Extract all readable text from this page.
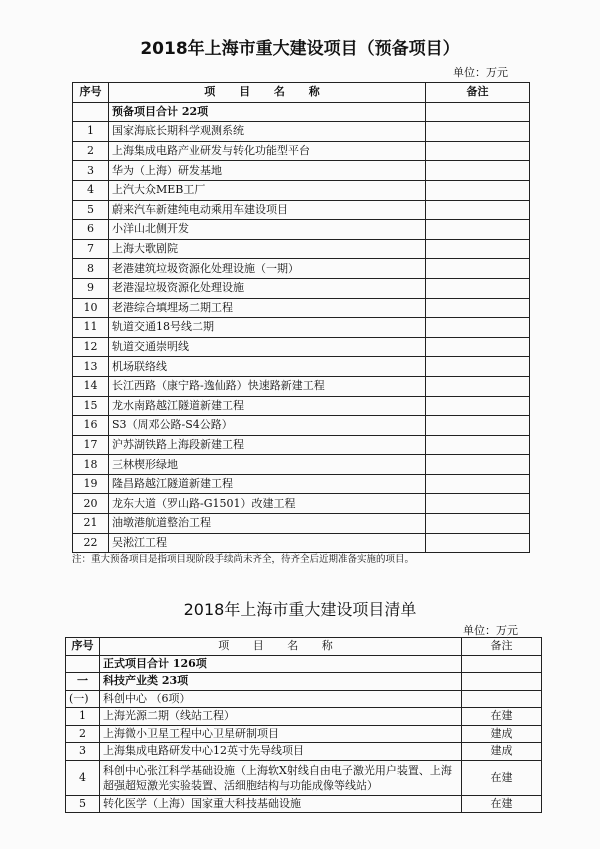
2018年上海市重大建设项目（预备项目）
单位：万元
序号	项 目 名 称	备注
	预备项目合计 22项	
1	国家海底长期科学观测系统	
2	上海集成电路产业研发与转化功能型平台	
3	华为（上海）研发基地	
4	上汽大众MEB工厂	
5	蔚来汽车新建纯电动乘用车建设项目	
6	小洋山北侧开发	
7	上海大歌剧院	
8	老港建筑垃圾资源化处理设施（一期）	
9	老港湿垃圾资源化处理设施	
10	老港综合填埋场二期工程	
11	轨道交通18号线二期	
12	轨道交通崇明线	
13	机场联络线	
14	长江西路（康宁路-逸仙路）快速路新建工程	
15	龙水南路越江隧道新建工程	
16	S3（周邓公路-S4公路）	
17	沪苏湖铁路上海段新建工程	
18	三林楔形绿地	
19	隆昌路越江隧道新建工程	
20	龙东大道（罗山路-G1501）改建工程	
21	油墩港航道整治工程	
22	吴淞江工程	
注：重大预备项目是指项目现阶段手续尚未齐全，待齐全后近期准备实施的项目。
2018年上海市重大建设项目清单
单位：万元
序号	项 目 名 称	备注
	正式项目合计 126项	
一	科技产业类 23项	
(一)	科创中心 （6项）	
1	上海光源二期（线站工程）	在建
2	上海微小卫星工程中心卫星研制项目	建成
3	上海集成电路研发中心12英寸先导线项目	建成
4	科创中心张江科学基础设施（上海软X射线自由电子激光用户装置、上海超强超短激光实验装置、活细胞结构与功能成像等线站）	在建
5	转化医学（上海）国家重大科技基础设施	在建
